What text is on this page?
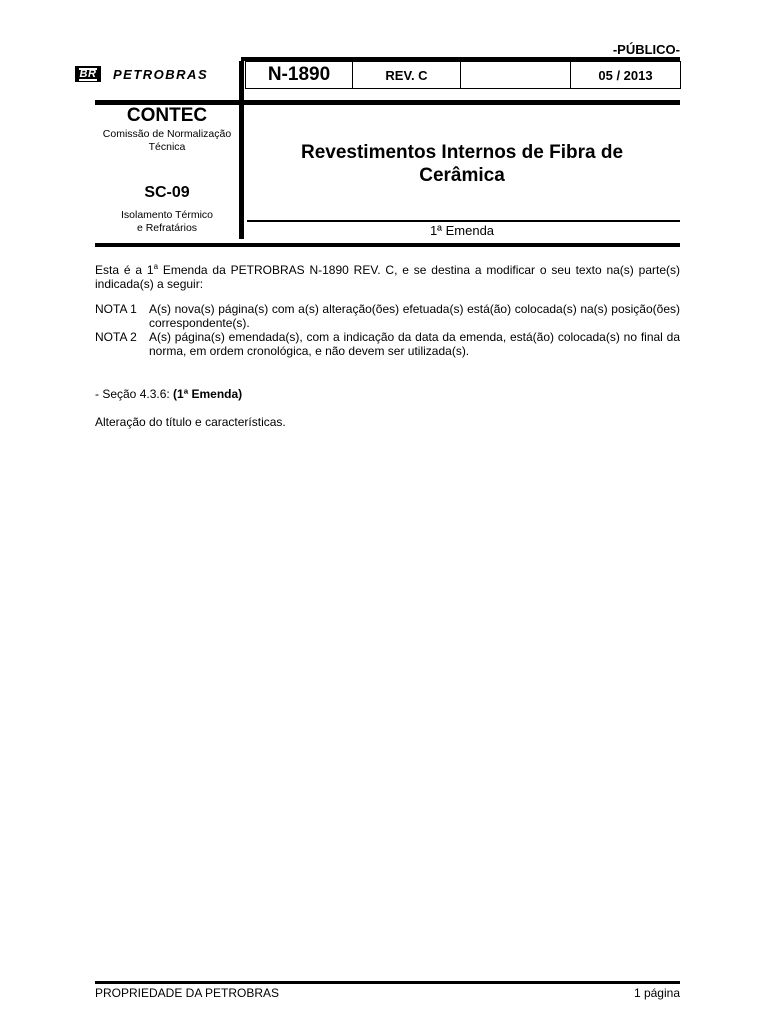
-PÚBLICO-
BR PETROBRAS	N-1890	REV. C	05 / 2013
CONTEC
Comissão de Normalização
Técnica
SC-09
Isolamento Térmico
e Refratários
Revestimentos Internos de Fibra de
Cerâmica
1ª Emenda
Esta é a 1$^a$ Emenda da PETROBRAS N-1890 REV. C, e se destina a modificar o seu texto na(s) parte(s) indicada(s) a seguir:
NOTA 1	A(s) nova(s) página(s) com a(s) alteração(ões) efetuada(s) está(ão) colocada(s) na(s) posição(ões) correspondente(s).
NOTA 2	A(s) página(s) emendada(s), com a indicação da data da emenda, está(ão) colocada(s) no final da norma, em ordem cronológica, e não devem ser utilizada(s).
- Seção 4.3.6: (1ª Emenda)
Alteração do título e características.
PROPRIEDADE DA PETROBRAS	1 página
